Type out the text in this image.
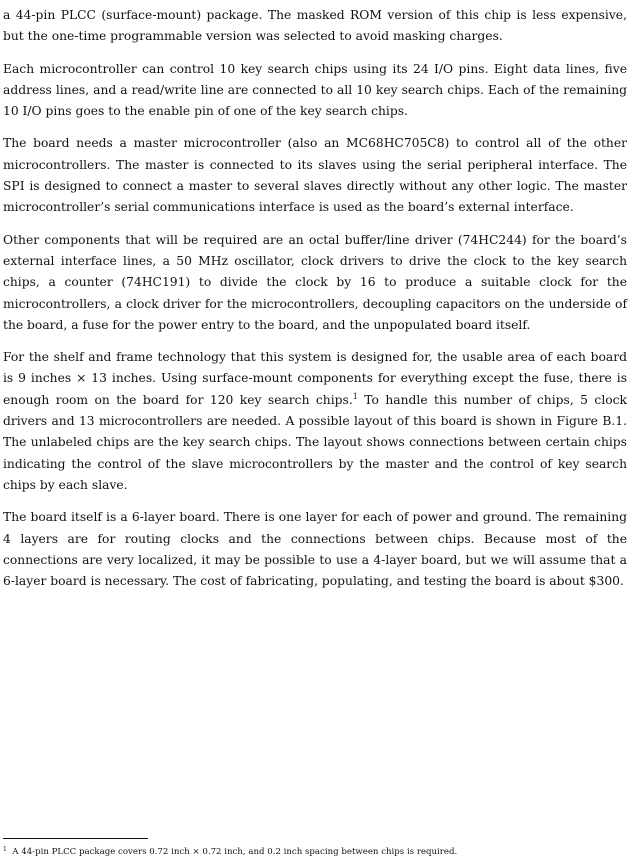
a 44-pin PLCC (surface-mount) package. The masked ROM version of this chip is less expensive, but the one-time programmable version was selected to avoid masking charges.

Each microcontroller can control 10 key search chips using its 24 I/O pins. Eight data lines, five address lines, and a read/write line are connected to all 10 key search chips. Each of the remaining 10 I/O pins goes to the enable pin of one of the key search chips.

The board needs a master microcontroller (also an MC68HC705C8) to control all of the other microcontrollers. The master is connected to its slaves using the serial peripheral interface. The SPI is designed to connect a master to several slaves directly without any other logic. The master microcontroller’s serial communications interface is used as the board’s external interface.

Other components that will be required are an octal buffer/line driver (74HC244) for the board’s external interface lines, a 50 MHz oscillator, clock drivers to drive the clock to the key search chips, a counter (74HC191) to divide the clock by 16 to produce a suitable clock for the microcontrollers, a clock driver for the microcontrollers, decoupling capacitors on the underside of the board, a fuse for the power entry to the board, and the unpopulated board itself.

For the shelf and frame technology that this system is designed for, the usable area of each board is 9 inches × 13 inches. Using surface-mount components for everything except the fuse, there is enough room on the board for 120 key search chips.$^1$ To handle this number of chips, 5 clock drivers and 13 microcontrollers are needed. A possible layout of this board is shown in Figure B.1. The unlabeled chips are the key search chips. The layout shows connections between certain chips indicating the control of the slave microcontrollers by the master and the control of key search chips by each slave.

The board itself is a 6-layer board. There is one layer for each of power and ground. The remaining 4 layers are for routing clocks and the connections between chips. Because most of the connections are very localized, it may be possible to use a 4-layer board, but we will assume that a 6-layer board is necessary. The cost of fabricating, populating, and testing the board is about $300.

$^1$ A 44-pin PLCC package covers 0.72 inch × 0.72 inch, and 0.2 inch spacing between chips is required.
